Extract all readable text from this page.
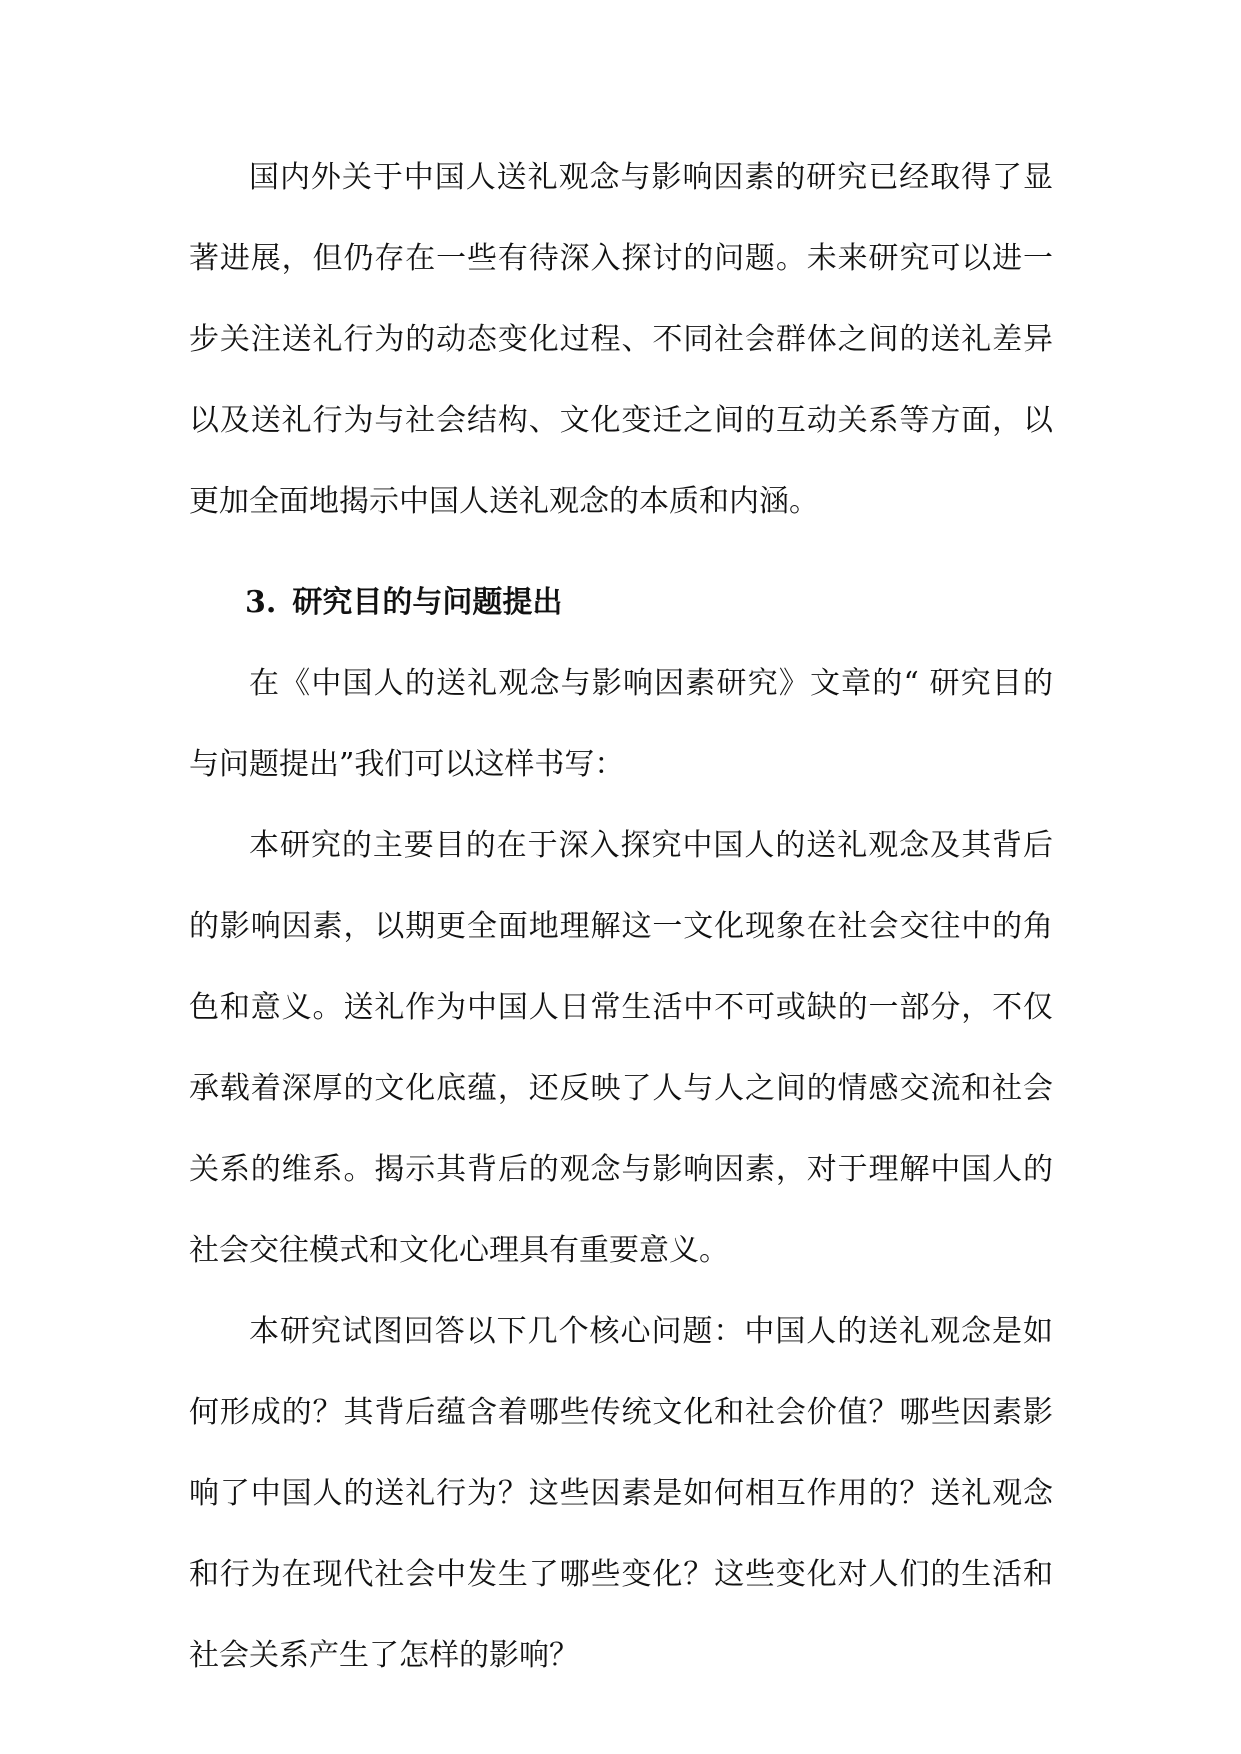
国内外关于中国人送礼观念与影响因素的研究已经取得了显著进展，但仍存在一些有待深入探讨的问题。未来研究可以进一步关注送礼行为的动态变化过程、不同社会群体之间的送礼差异以及送礼行为与社会结构、文化变迁之间的互动关系等方面，以更加全面地揭示中国人送礼观念的本质和内涵。

3. 研究目的与问题提出

在《中国人的送礼观念与影响因素研究》文章的“ 研究目的与问题提出”我们可以这样书写：

本研究的主要目的在于深入探究中国人的送礼观念及其背后的影响因素，以期更全面地理解这一文化现象在社会交往中的角色和意义。送礼作为中国人日常生活中不可或缺的一部分，不仅承载着深厚的文化底蕴，还反映了人与人之间的情感交流和社会关系的维系。揭示其背后的观念与影响因素，对于理解中国人的社会交往模式和文化心理具有重要意义。

本研究试图回答以下几个核心问题：中国人的送礼观念是如何形成的？其背后蕴含着哪些传统文化和社会价值？哪些因素影响了中国人的送礼行为？这些因素是如何相互作用的？送礼观念和行为在现代社会中发生了哪些变化？这些变化对人们的生活和社会关系产生了怎样的影响？
